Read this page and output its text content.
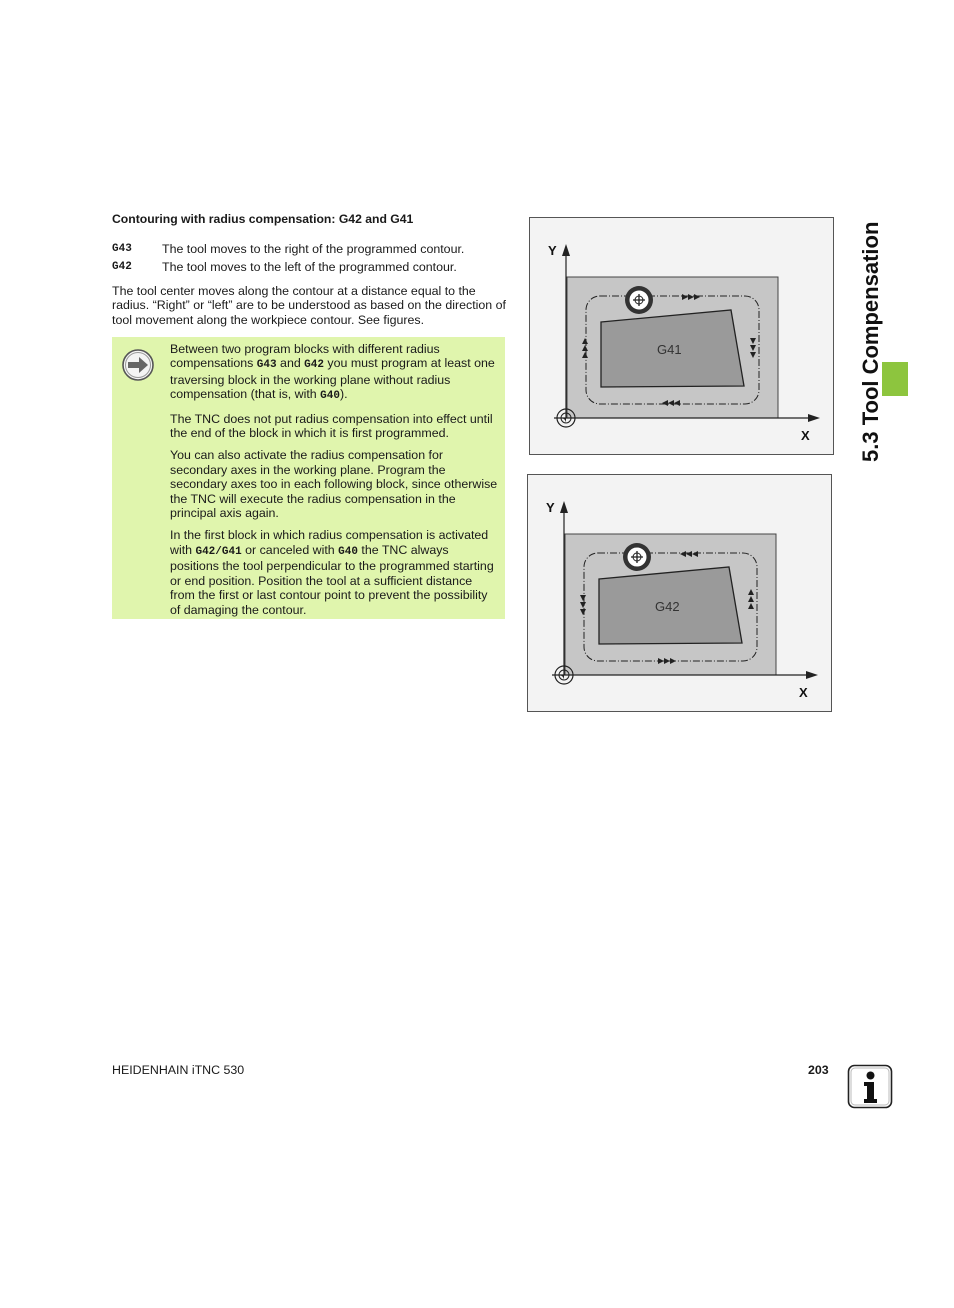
Contouring with radius compensation: G42 and G41
G43 The tool moves to the right of the programmed contour.
G42 The tool moves to the left of the programmed contour.
The tool center moves along the contour at a distance equal to the radius. “Right” or “left” are to be understood as based on the direction of tool movement along the workpiece contour. See figures.

Between two program blocks with different radius compensations G43 and G42 you must program at least one traversing block in the working plane without radius compensation (that is, with G40).

The TNC does not put radius compensation into effect until the end of the block in which it is first programmed.

You can also activate the radius compensation for secondary axes in the working plane. Program the secondary axes too in each following block, since otherwise the TNC will execute the radius compensation in the principal axis again.

In the first block in which radius compensation is activated with G42/G41 or canceled with G40 the TNC always positions the tool perpendicular to the programmed starting or end position. Position the tool at a sufficient distance from the first or last contour point to prevent the possibility of damaging the contour.

Y
X
G41
Y
X
G42
5.3 Tool Compensation
HEIDENHAIN iTNC 530	203
